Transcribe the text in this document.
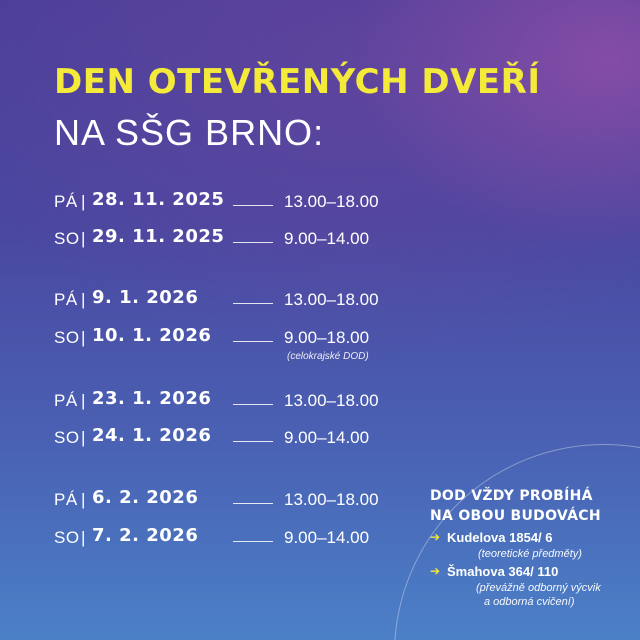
DEN OTEVŘENÝCH DVEŘÍ
NA SŠG BRNO:
PÁ | 28. 11. 2025	13.00–18.00
SO | 29. 11. 2025	9.00–14.00
PÁ | 9. 1. 2026	13.00–18.00
SO | 10. 1. 2026	9.00–18.00
(celokrajské DOD)
PÁ | 23. 1. 2026	13.00–18.00
SO | 24. 1. 2026	9.00–14.00
PÁ | 6. 2. 2026	13.00–18.00
SO | 7. 2. 2026	9.00–14.00
DOD VŽDY PROBÍHÁ
NA OBOU BUDOVÁCH
➔ Kudelova 1854/ 6
(teoretické předměty)
➔ Šmahova 364/ 110
(převážně odborný výcvik
a odborná cvičení)
